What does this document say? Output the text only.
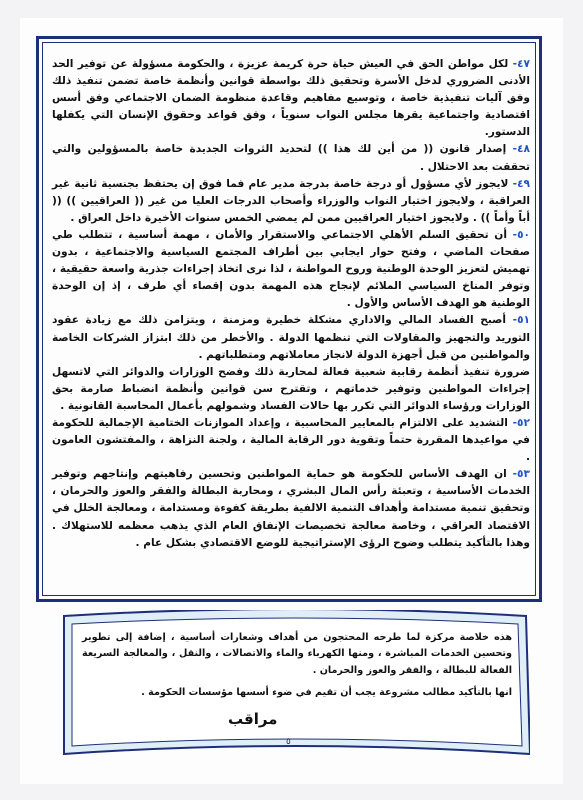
٤٧- لكل مواطن الحق في العيش حياة حرة كريمة عزيزة ، والحكومة مسؤولة عن توفير الحد الأدنى الضروري لدخل الأسرة وتحقيق ذلك بواسطة قوانين وأنظمة خاصة تضمن تنفيذ ذلك وفق آليات تنفيذية خاصة ، وتوسيع مفاهيم وقاعدة منظومة الضمان الاجتماعي وفق أسس اقتصادية واجتماعية يقرها مجلس النواب سنوياً ، وفق قواعد وحقوق الإنسان التي يكفلها الدستور.

٤٨- إصدار قانون (( من أين لك هذا )) لتحديد الثروات الجديدة خاصة بالمسؤولين والتي تحققت بعد الاحتلال .

٤٩- لايجوز لأي مسؤول أو درجة خاصة بدرجة مدير عام فما فوق إن يحتفظ بجنسية ثانية غير العراقية ، ولايجوز اختيار النواب والوزراء وأصحاب الدرجات العليا من غير (( العراقيين )) (( أباً وأماً )) . ولايجوز اختيار العراقيين ممن لم يمضي الخمس سنوات الأخيرة داخل العراق .

٥٠- أن تحقيق السلم الأهلي الاجتماعي والاستقرار والأمان ، مهمة أساسية ، تتطلب طي صفحات الماضي ، وفتح حوار ايجابي بين أطراف المجتمع السياسية والاجتماعية ، بدون تهميش لتعزيز الوحدة الوطنية وروح المواطنة ، لذا نرى اتخاذ إجراءات جذرية واسعة حقيقية ، وتوفر المناخ السياسي الملائم لإنجاح هذه المهمة بدون إقصاء أي طرف ، إذ إن الوحدة الوطنية هو الهدف الأساس والأول .

٥١- أصبح الفساد المالي والاداري مشكلة خطيرة ومزمنة ، ويتزامن ذلك مع زيادة عقود التوريد والتجهيز والمقاولات التي تنظمها الدولة . والأخطر من ذلك ابتزاز الشركات الخاصة والمواطنين من قبل أجهزة الدولة لانجاز معاملاتهم ومتطلباتهم .

ضرورة تنفيذ أنظمة رقابية شعبية فعالة لمحاربة ذلك وفضح الوزارات والدوائر التي لاتسهل إجراءات المواطنين وتوفير خدماتهم ، وتقترح سن قوانين وأنظمة انضباط صارمة بحق الوزارات ورؤساء الدوائر التي تكرر بها حالات الفساد وشمولهم بأعمال المحاسبة القانونية .

٥٢- التشديد على الالتزام بالمعايير المحاسبية ، وإعداد الموازنات الختامية الإجمالية للحكومة في مواعيدها المقررة حتماً وتقوية دور الرقابة المالية ، ولجنة النزاهة ، والمفتشون العامون .

٥٣- ان الهدف الأساس للحكومة هو حماية المواطنين وتحسين رفاهيتهم وإنتاجهم وتوفير الخدمات الأساسية ، وتعبئة رأس المال البشري ، ومحاربة البطالة والفقر والعوز والحرمان ، وتحقيق تنمية مستدامة وأهداف التنمية الالفية بطريقة كفوءة ومستدامة ، ومعالجة الخلل في الاقتصاد العراقي ، وخاصة معالجة تخصيصات الإنفاق العام الذي يذهب معظمه للاستهلاك . وهذا بالتأكيد يتطلب وضوح الرؤى الإستراتيجية للوضع الاقتصادي بشكل عام .

هذه خلاصة مركزة لما طرحه المحتجون من أهداف وشعارات أساسية ، إضافة إلى تطوير وتحسين الخدمات المباشرة ، ومنها الكهرباء والماء والاتصالات ، والنقل ، والمعالجة السريعة الفعالة للبطالة ، والفقر والعوز والحرمان .
انها بالتأكيد مطالب مشروعة يجب أن تقيم في ضوء أسسها مؤسسات الحكومة .
مراقب
٥
